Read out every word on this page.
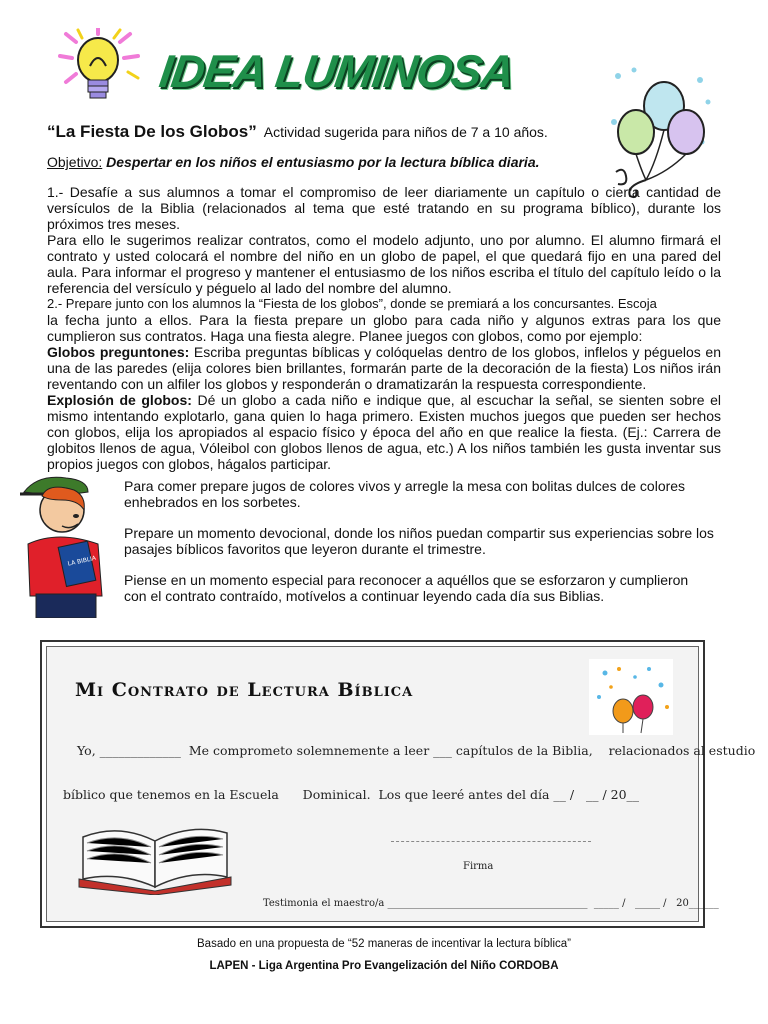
IDEA LUMINOSA
“La Fiesta De los Globos” Actividad sugerida para niños de 7 a 10 años.
Objetivo: Despertar en los niños el entusiasmo por la lectura bíblica diaria.

1.- Desafíe a sus alumnos a tomar el compromiso de leer diariamente un capítulo o cierta cantidad de versículos de la Biblia (relacionados al tema que esté tratando en su programa bíblico), durante los próximos tres meses.

Para ello le sugerimos realizar contratos, como el modelo adjunto, uno por alumno. El alumno firmará el contrato y usted colocará el nombre del niño en un globo de papel, el que quedará fijo en una pared del aula. Para informar el progreso y mantener el entusiasmo de los niños escriba el título del capítulo leído o la referencia del versículo y péguelo al lado del nombre del alumno.

2.- Prepare junto con los alumnos la “Fiesta de los globos”, donde se premiará a los concursantes. Escoja

la fecha junto a ellos. Para la fiesta prepare un globo para cada niño y algunos extras para los que cumplieron sus contratos. Haga una fiesta alegre. Planee juegos con globos, como por ejemplo:

Globos preguntones: Escriba preguntas bíblicas y colóquelas dentro de los globos, inflelos y péguelos en una de las paredes (elija colores bien brillantes, formarán parte de la decoración de la fiesta) Los niños irán reventando con un alfiler los globos y responderán o dramatizarán la respuesta correspondiente.

Explosión de globos: Dé un globo a cada niño e indique que, al escuchar la señal, se sienten sobre el mismo intentando explotarlo, gana quien lo haga primero. Existen muchos juegos que pueden ser hechos con globos, elija los apropiados al espacio físico y época del año en que realice la fiesta. (Ej.: Carrera de globitos llenos de agua, Vóleibol con globos llenos de agua, etc.) A los niños también les gusta inventar sus propios juegos con globos, hágalos participar.

LA BIBLIA

Para comer prepare jugos de colores vivos y arregle la mesa con bolitas dulces de colores enhebrados en los sorbetes.

Prepare un momento devocional, donde los niños puedan compartir sus experiencias sobre los pasajes bíblicos favoritos que leyeron durante el trimestre.

Piense en un momento especial para reconocer a aquéllos que se esforzaron y cumplieron con el contrato contraído, motívelos a continuar leyendo cada día sus Biblias.

Mi Contrato de Lectura Bíblica
Yo, _____________  Me comprometo solemnemente a leer ___ capítulos de la Biblia,    relacionados al estudio
bíblico que tenemos en la Escuela      Dominical.  Los que leeré antes del día __ /   __ / 20__
Firma
Testimonia el maestro/a ________________________________________  _____ /   _____ /   20______
Basado en una propuesta de “52 maneras de incentivar la lectura bíblica”
LAPEN - Liga Argentina Pro Evangelización del Niño CORDOBA
